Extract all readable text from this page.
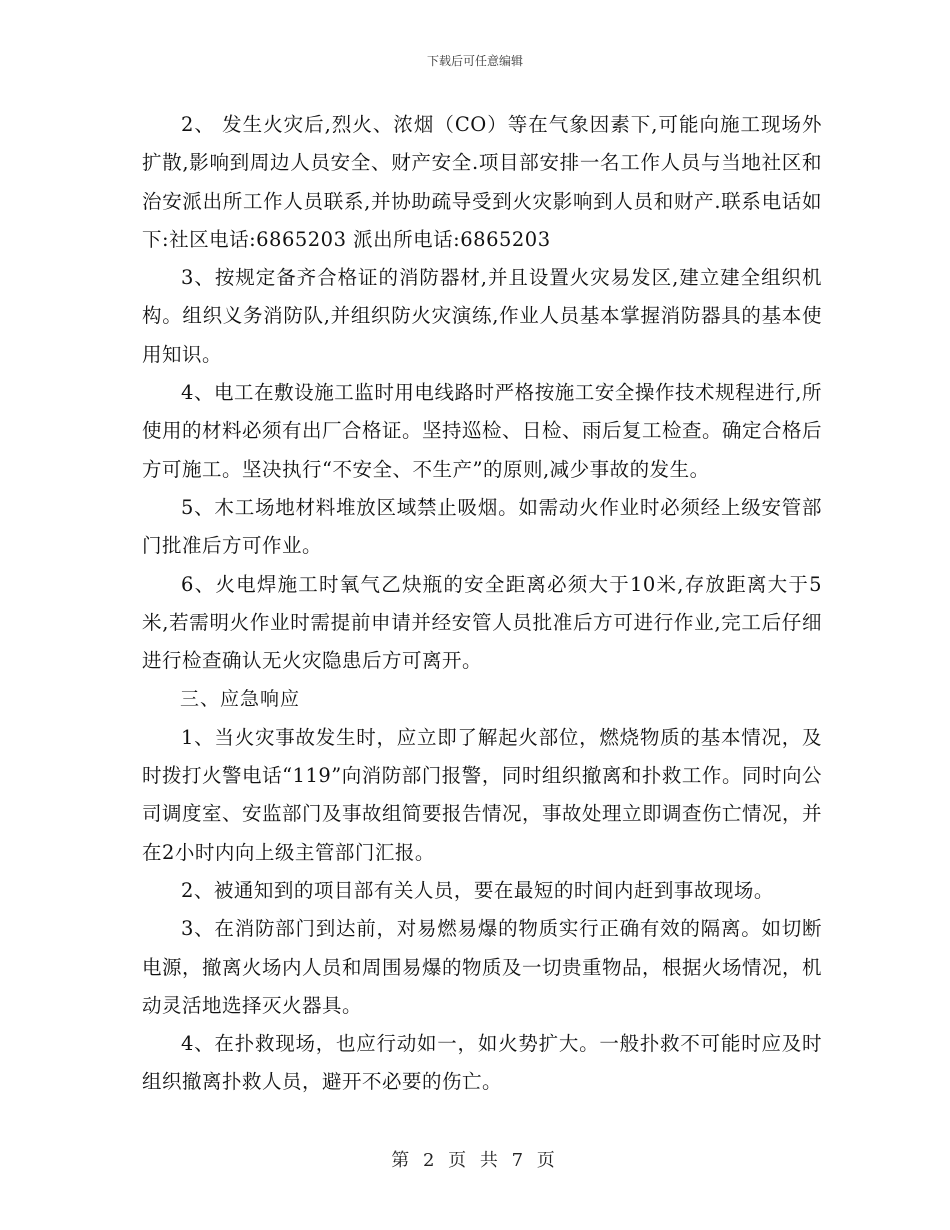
下载后可任意编辑

2、 发生火灾后,烈火、浓烟（CO）等在气象因素下,可能向施工现场外扩散,影响到周边人员安全、财产安全.项目部安排一名工作人员与当地社区和治安派出所工作人员联系,并协助疏导受到火灾影响到人员和财产.联系电话如下:社区电话:6865203 派出所电话:6865203

3、按规定备齐合格证的消防器材,并且设置火灾易发区,建立建全组织机构。组织义务消防队,并组织防火灾演练,作业人员基本掌握消防器具的基本使用知识。

4、电工在敷设施工监时用电线路时严格按施工安全操作技术规程进行,所使用的材料必须有出厂合格证。坚持巡检、日检、雨后复工检查。确定合格后方可施工。坚决执行“不安全、不生产”的原则,减少事故的发生。

5、木工场地材料堆放区域禁止吸烟。如需动火作业时必须经上级安管部门批准后方可作业。

6、火电焊施工时氧气乙炔瓶的安全距离必须大于10米,存放距离大于5米,若需明火作业时需提前申请并经安管人员批准后方可进行作业,完工后仔细进行检查确认无火灾隐患后方可离开。

三、应急响应

1、当火灾事故发生时，应立即了解起火部位，燃烧物质的基本情况，及时拨打火警电话“119”向消防部门报警，同时组织撤离和扑救工作。同时向公司调度室、安监部门及事故组简要报告情况，事故处理立即调查伤亡情况，并在2小时内向上级主管部门汇报。

2、被通知到的项目部有关人员，要在最短的时间内赶到事故现场。

3、在消防部门到达前，对易燃易爆的物质实行正确有效的隔离。如切断电源，撤离火场内人员和周围易爆的物质及一切贵重物品，根据火场情况，机动灵活地选择灭火器具。

4、在扑救现场，也应行动如一，如火势扩大。一般扑救不可能时应及时组织撤离扑救人员，避开不必要的伤亡。

第 2 页 共 7 页
